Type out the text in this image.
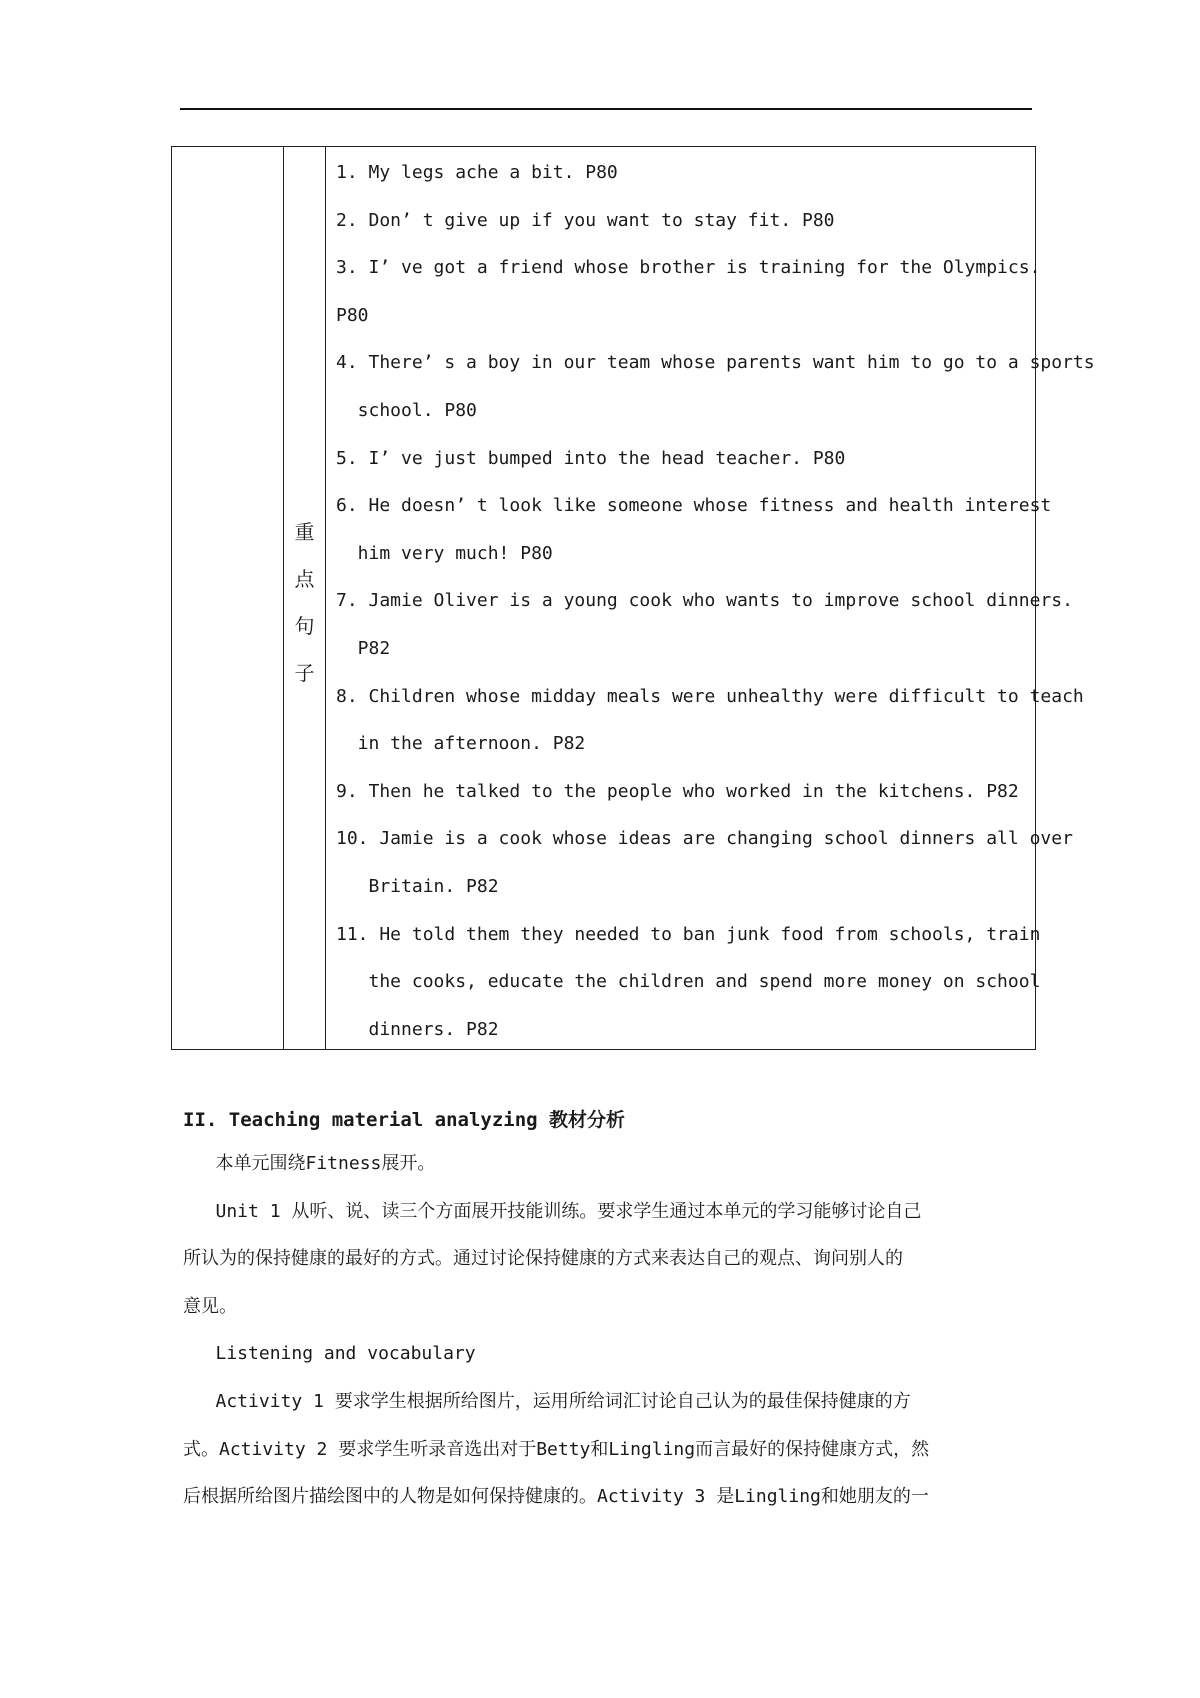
重
点
句
子
1. My legs ache a bit. P80
2. Don’ t give up if you want to stay fit. P80
3. I’ ve got a friend whose brother is training for the Olympics.
P80
4. There’ s a boy in our team whose parents want him to go to a sports
school. P80
5. I’ ve just bumped into the head teacher. P80
6. He doesn’ t look like someone whose fitness and health interest
him very much! P80
7. Jamie Oliver is a young cook who wants to improve school dinners.
P82
8. Children whose midday meals were unhealthy were difficult to teach
in the afternoon. P82
9. Then he talked to the people who worked in the kitchens. P82
10. Jamie is a cook whose ideas are changing school dinners all over
Britain. P82
11. He told them they needed to ban junk food from schools, train
the cooks, educate the children and spend more money on school
dinners. P82
II. Teaching material analyzing 教材分析

本单元围绕Fitness展开。

Unit 1 从听、说、读三个方面展开技能训练。要求学生通过本单元的学习能够讨论自己

所认为的保持健康的最好的方式。通过讨论保持健康的方式来表达自己的观点、询问别人的

意见。

Listening and vocabulary

Activity 1 要求学生根据所给图片，运用所给词汇讨论自己认为的最佳保持健康的方

式。Activity 2 要求学生听录音选出对于Betty和Lingling而言最好的保持健康方式，然

后根据所给图片描绘图中的人物是如何保持健康的。Activity 3 是Lingling和她朋友的一
